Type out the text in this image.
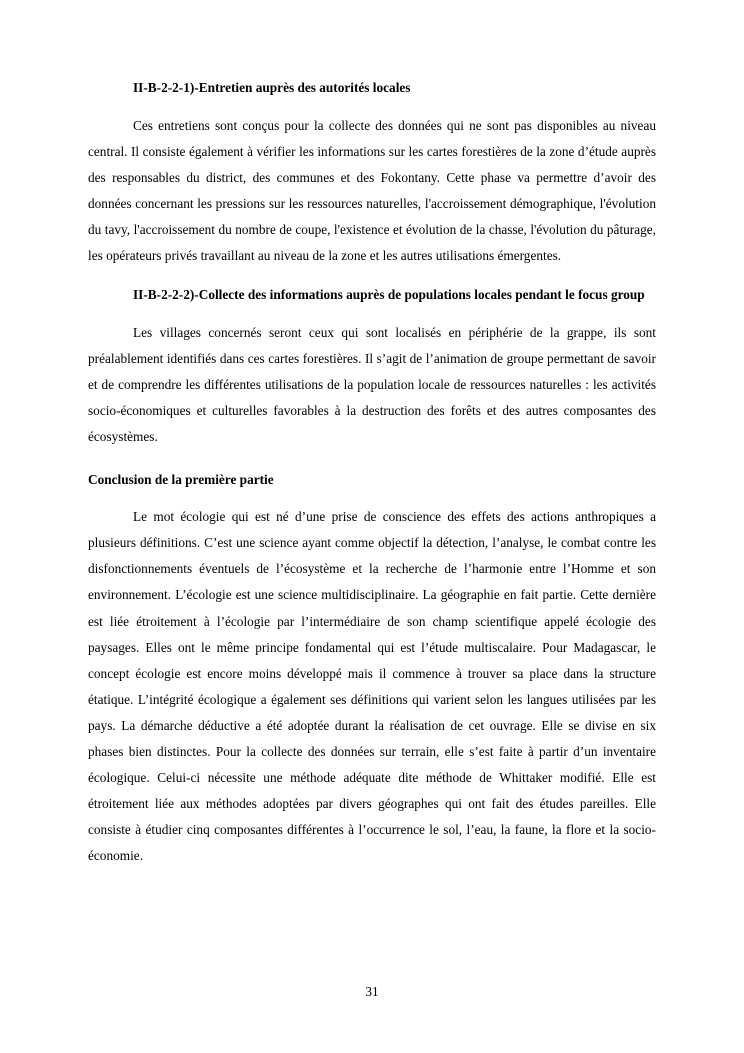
II-B-2-2-1)-Entretien auprès des autorités locales

Ces entretiens sont conçus pour la collecte des données qui ne sont pas disponibles au niveau central. Il consiste également à vérifier les informations sur les cartes forestières de la zone d’étude auprès des responsables du district, des communes et des Fokontany. Cette phase va permettre d’avoir des données concernant les pressions sur les ressources naturelles, l'accroissement démographique, l'évolution du tavy, l'accroissement du nombre de coupe, l'existence et évolution de la chasse, l'évolution du pâturage, les opérateurs privés travaillant au niveau de la zone et les autres utilisations émergentes.

II-B-2-2-2)-Collecte des informations auprès de populations locales pendant le focus group

Les villages concernés seront ceux qui sont localisés en périphérie de la grappe, ils sont préalablement identifiés dans ces cartes forestières. Il s’agit de l’animation de groupe permettant de savoir et de comprendre les différentes utilisations de la population locale de ressources naturelles : les activités socio-économiques et culturelles favorables à la destruction des forêts et des autres composantes des écosystèmes.

Conclusion de la première partie

Le mot écologie qui est né d’une prise de conscience des effets des actions anthropiques a plusieurs définitions. C’est une science ayant comme objectif la détection, l’analyse, le combat contre les disfonctionnements éventuels de l’écosystème et la recherche de l’harmonie entre l’Homme et son environnement. L’écologie est une science multidisciplinaire. La géographie en fait partie. Cette dernière est liée étroitement à l’écologie par l’intermédiaire de son champ scientifique appelé écologie des paysages. Elles ont le même principe fondamental qui est l’étude multiscalaire. Pour Madagascar, le concept écologie est encore moins développé mais il commence à trouver sa place dans la structure étatique. L’intégrité écologique a également ses définitions qui varient selon les langues utilisées par les pays. La démarche déductive a été adoptée durant la réalisation de cet ouvrage. Elle se divise en six phases bien distinctes. Pour la collecte des données sur terrain, elle s’est faite à partir d’un inventaire écologique. Celui-ci nécessite une méthode adéquate dite méthode de Whittaker modifié. Elle est étroitement liée aux méthodes adoptées par divers géographes qui ont fait des études pareilles. Elle consiste à étudier cinq composantes différentes à l’occurrence le sol, l’eau, la faune, la flore et la socio-économie.

31
